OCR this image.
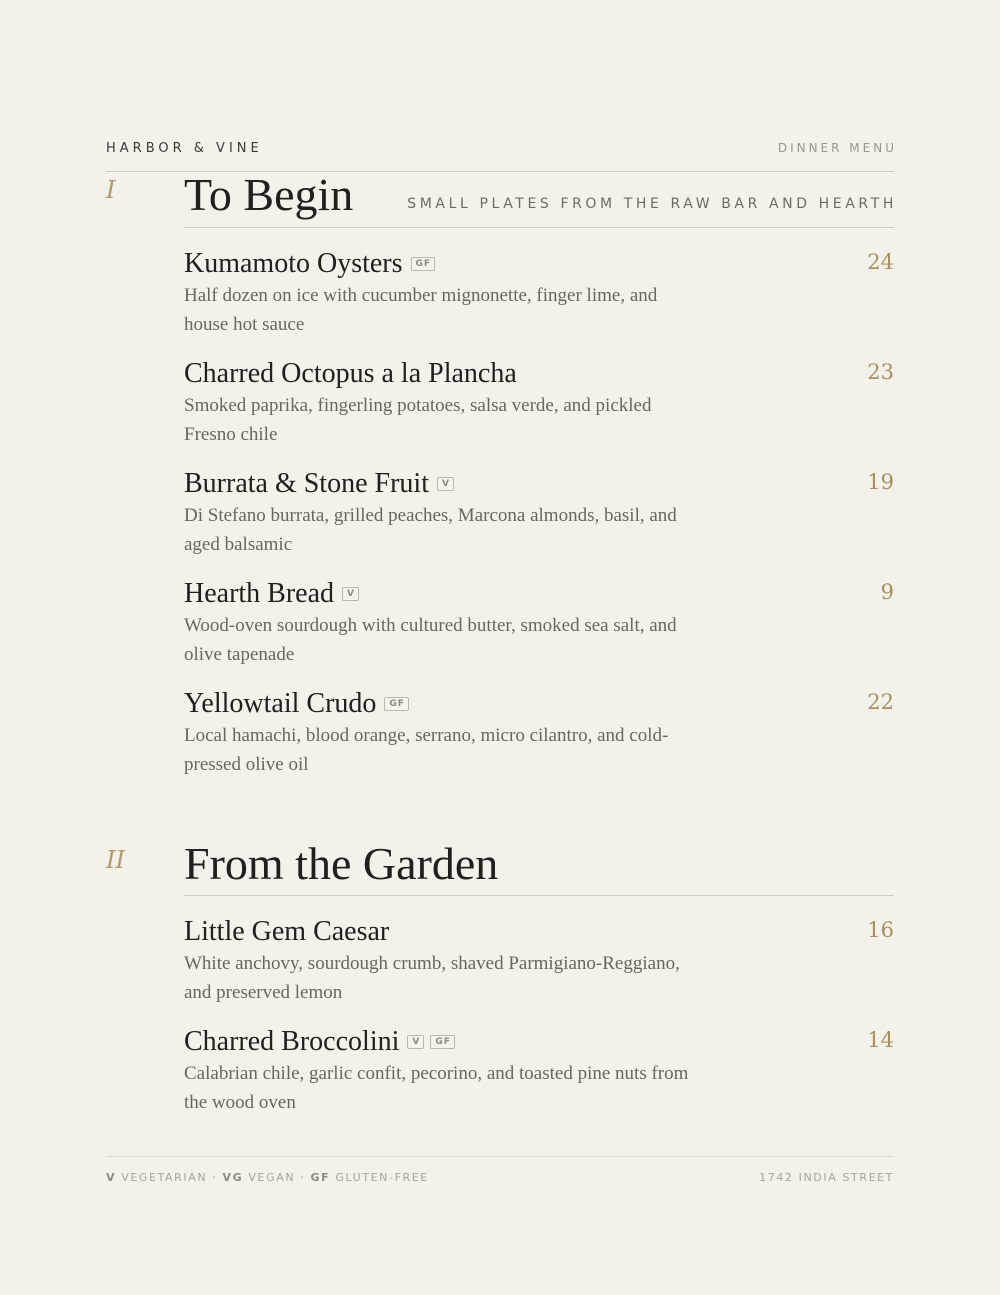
HARBOR & VINE	DINNER MENU
I To Begin	SMALL PLATES FROM THE RAW BAR AND HEARTH
Kumamoto Oysters	GF	24
Half dozen on ice with cucumber mignonette, finger lime, and house hot sauce
Charred Octopus a la Plancha	23
Smoked paprika, fingerling potatoes, salsa verde, and pickled Fresno chile
Burrata & Stone Fruit	V	19
Di Stefano burrata, grilled peaches, Marcona almonds, basil, and aged balsamic
Hearth Bread	V	9
Wood-oven sourdough with cultured butter, smoked sea salt, and olive tapenade
Yellowtail Crudo	GF	22
Local hamachi, blood orange, serrano, micro cilantro, and cold-pressed olive oil
II From the Garden
Little Gem Caesar	16
White anchovy, sourdough crumb, shaved Parmigiano-Reggiano, and preserved lemon
Charred Broccolini	V	GF	14
Calabrian chile, garlic confit, pecorino, and toasted pine nuts from the wood oven
V VEGETARIAN · VG VEGAN · GF GLUTEN-FREE	1742 INDIA STREET
